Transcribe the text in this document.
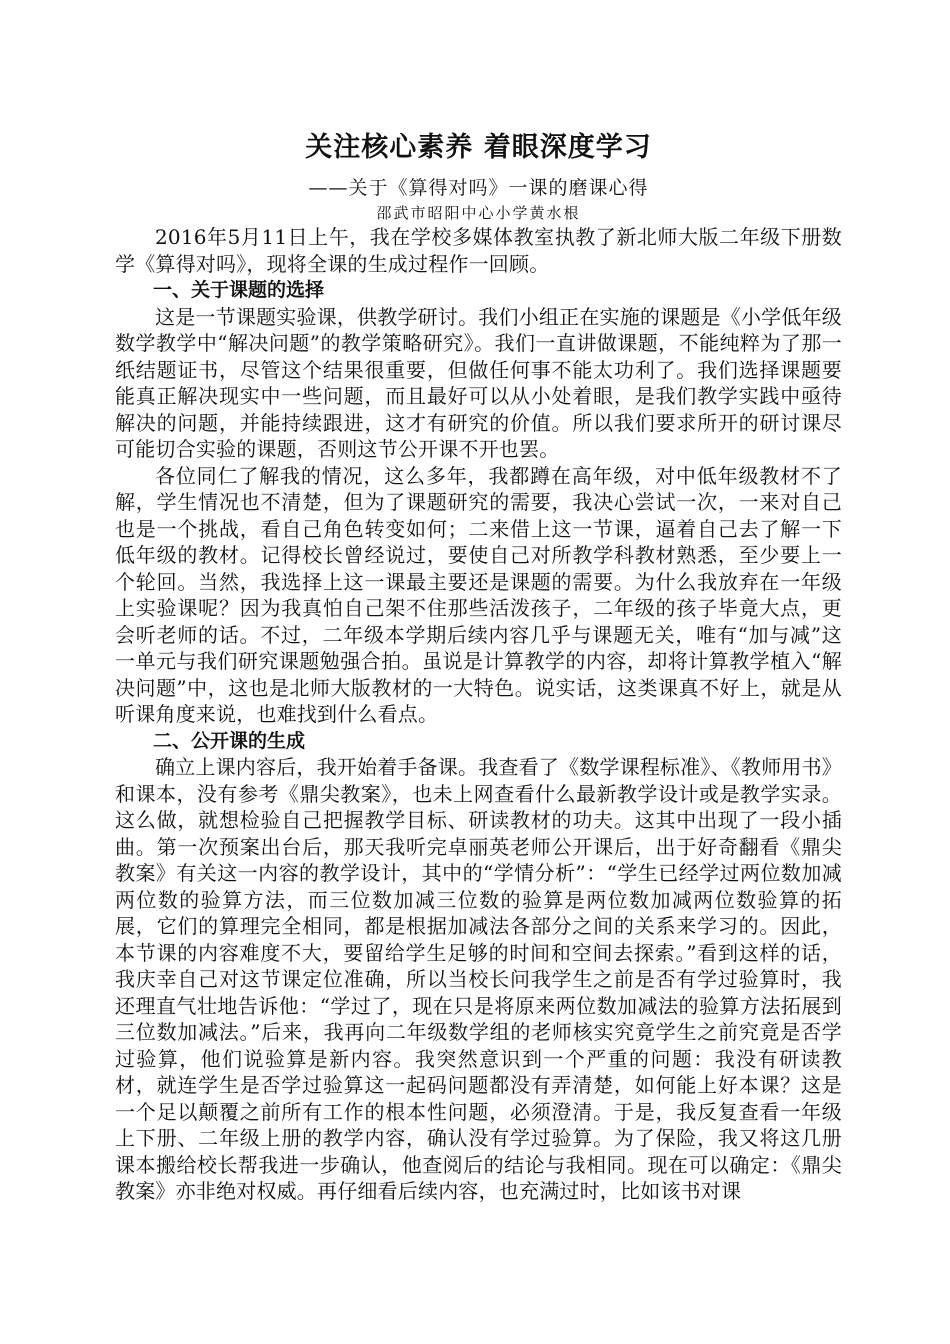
关注核心素养 着眼深度学习

——关于《算得对吗》一课的磨课心得

邵武市昭阳中心小学黄水根

2016年5月11日上午，我在学校多媒体教室执教了新北师大版二年级下册数学《算得对吗》，现将全课的生成过程作一回顾。

一、关于课题的选择

这是一节课题实验课，供教学研讨。我们小组正在实施的课题是《小学低年级数学教学中“解决问题”的教学策略研究》。我们一直讲做课题，不能纯粹为了那一纸结题证书，尽管这个结果很重要，但做任何事不能太功利了。我们选择课题要能真正解决现实中一些问题，而且最好可以从小处着眼，是我们教学实践中亟待解决的问题，并能持续跟进，这才有研究的价值。所以我们要求所开的研讨课尽可能切合实验的课题，否则这节公开课不开也罢。

各位同仁了解我的情况，这么多年，我都蹲在高年级，对中低年级教材不了解，学生情况也不清楚，但为了课题研究的需要，我决心尝试一次，一来对自己也是一个挑战，看自己角色转变如何；二来借上这一节课，逼着自己去了解一下低年级的教材。记得校长曾经说过，要使自己对所教学科教材熟悉，至少要上一个轮回。当然，我选择上这一课最主要还是课题的需要。为什么我放弃在一年级上实验课呢？因为我真怕自己架不住那些活泼孩子，二年级的孩子毕竟大点，更会听老师的话。不过，二年级本学期后续内容几乎与课题无关，唯有“加与减”这一单元与我们研究课题勉强合拍。虽说是计算教学的内容，却将计算教学植入“解决问题”中，这也是北师大版教材的一大特色。说实话，这类课真不好上，就是从听课角度来说，也难找到什么看点。

二、公开课的生成

确立上课内容后，我开始着手备课。我查看了《数学课程标准》、《教师用书》和课本，没有参考《鼎尖教案》，也未上网查看什么最新教学设计或是教学实录。这么做，就想检验自己把握教学目标、研读教材的功夫。这其中出现了一段小插曲。第一次预案出台后，那天我听完卓丽英老师公开课后，出于好奇翻看《鼎尖教案》有关这一内容的教学设计，其中的“学情分析”：“学生已经学过两位数加减两位数的验算方法，而三位数加减三位数的验算是两位数加减两位数验算的拓展，它们的算理完全相同，都是根据加减法各部分之间的关系来学习的。因此，本节课的内容难度不大，要留给学生足够的时间和空间去探索。”看到这样的话，我庆幸自己对这节课定位准确，所以当校长问我学生之前是否有学过验算时，我还理直气壮地告诉他：“学过了，现在只是将原来两位数加减法的验算方法拓展到三位数加减法。”后来，我再向二年级数学组的老师核实究竟学生之前究竟是否学过验算，他们说验算是新内容。我突然意识到一个严重的问题：我没有研读教材，就连学生是否学过验算这一起码问题都没有弄清楚，如何能上好本课？这是一个足以颠覆之前所有工作的根本性问题，必须澄清。于是，我反复查看一年级上下册、二年级上册的教学内容，确认没有学过验算。为了保险，我又将这几册课本搬给校长帮我进一步确认，他查阅后的结论与我相同。现在可以确定：《鼎尖教案》亦非绝对权威。再仔细看后续内容，也充满过时，比如该书对课
